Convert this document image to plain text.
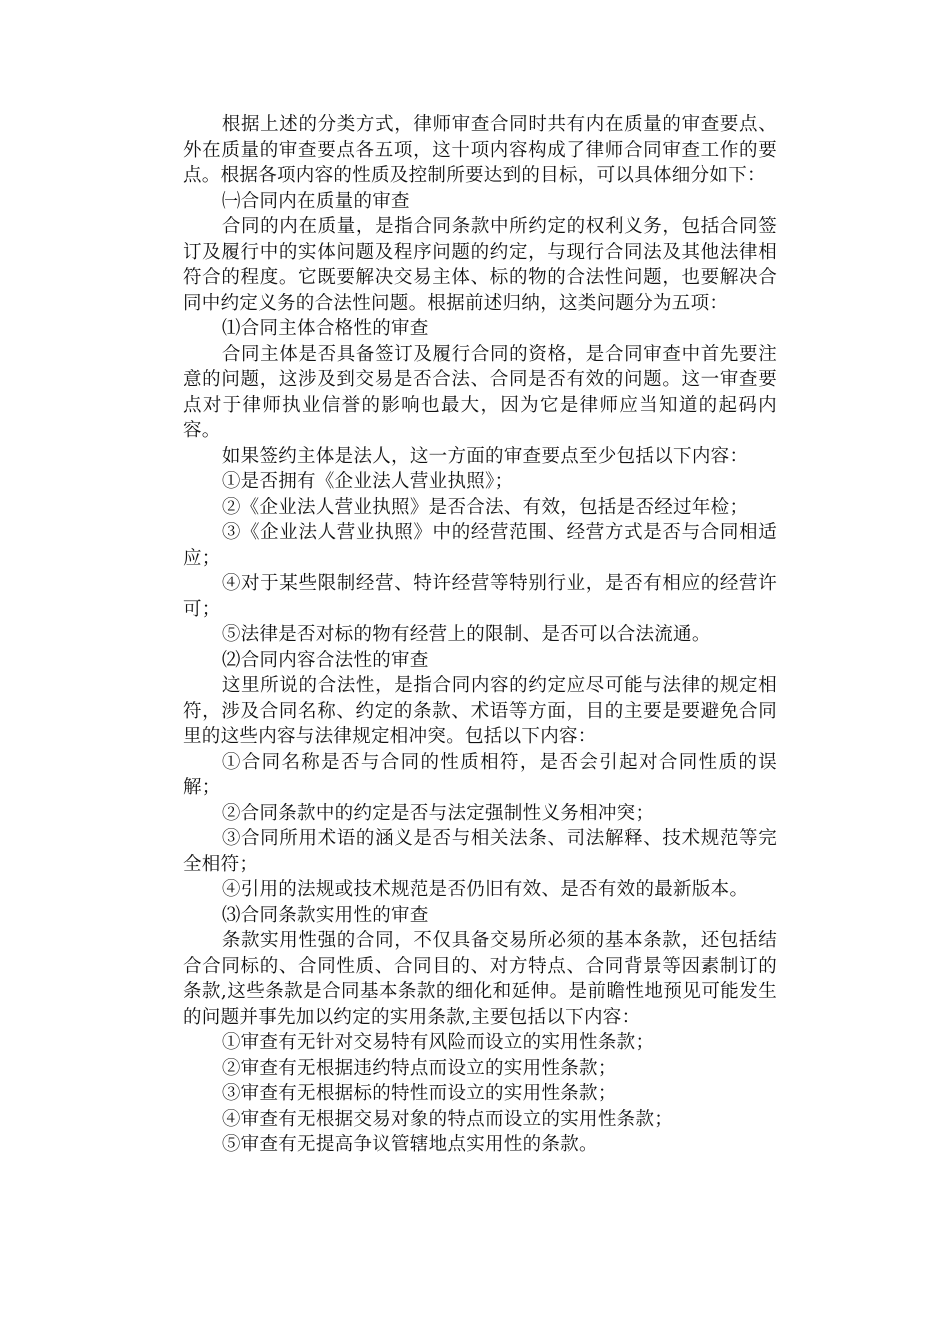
根据上述的分类方式，律师审查合同时共有内在质量的审查要点、外在质量的审查要点各五项，这十项内容构成了律师合同审查工作的要点。根据各项内容的性质及控制所要达到的目标，可以具体细分如下：

㈠合同内在质量的审查

合同的内在质量，是指合同条款中所约定的权利义务，包括合同签订及履行中的实体问题及程序问题的约定，与现行合同法及其他法律相符合的程度。它既要解决交易主体、标的物的合法性问题，也要解决合同中约定义务的合法性问题。根据前述归纳，这类问题分为五项：

⑴合同主体合格性的审查

合同主体是否具备签订及履行合同的资格，是合同审查中首先要注意的问题，这涉及到交易是否合法、合同是否有效的问题。这一审查要点对于律师执业信誉的影响也最大，因为它是律师应当知道的起码内容。

如果签约主体是法人，这一方面的审查要点至少包括以下内容：

①是否拥有《企业法人营业执照》；

②《企业法人营业执照》是否合法、有效，包括是否经过年检；

③《企业法人营业执照》中的经营范围、经营方式是否与合同相适应；

④对于某些限制经营、特许经营等特别行业，是否有相应的经营许可；

⑤法律是否对标的物有经营上的限制、是否可以合法流通。

⑵合同内容合法性的审查

这里所说的合法性，是指合同内容的约定应尽可能与法律的规定相符，涉及合同名称、约定的条款、术语等方面，目的主要是要避免合同里的这些内容与法律规定相冲突。包括以下内容：

①合同名称是否与合同的性质相符，是否会引起对合同性质的误解；

②合同条款中的约定是否与法定强制性义务相冲突；

③合同所用术语的涵义是否与相关法条、司法解释、技术规范等完全相符；

④引用的法规或技术规范是否仍旧有效、是否有效的最新版本。

⑶合同条款实用性的审查

条款实用性强的合同，不仅具备交易所必须的基本条款，还包括结合合同标的、合同性质、合同目的、对方特点、合同背景等因素制订的条款,这些条款是合同基本条款的细化和延伸。是前瞻性地预见可能发生的问题并事先加以约定的实用条款,主要包括以下内容：

①审查有无针对交易特有风险而设立的实用性条款；

②审查有无根据违约特点而设立的实用性条款；

③审查有无根据标的特性而设立的实用性条款；

④审查有无根据交易对象的特点而设立的实用性条款；

⑤审查有无提高争议管辖地点实用性的条款。
